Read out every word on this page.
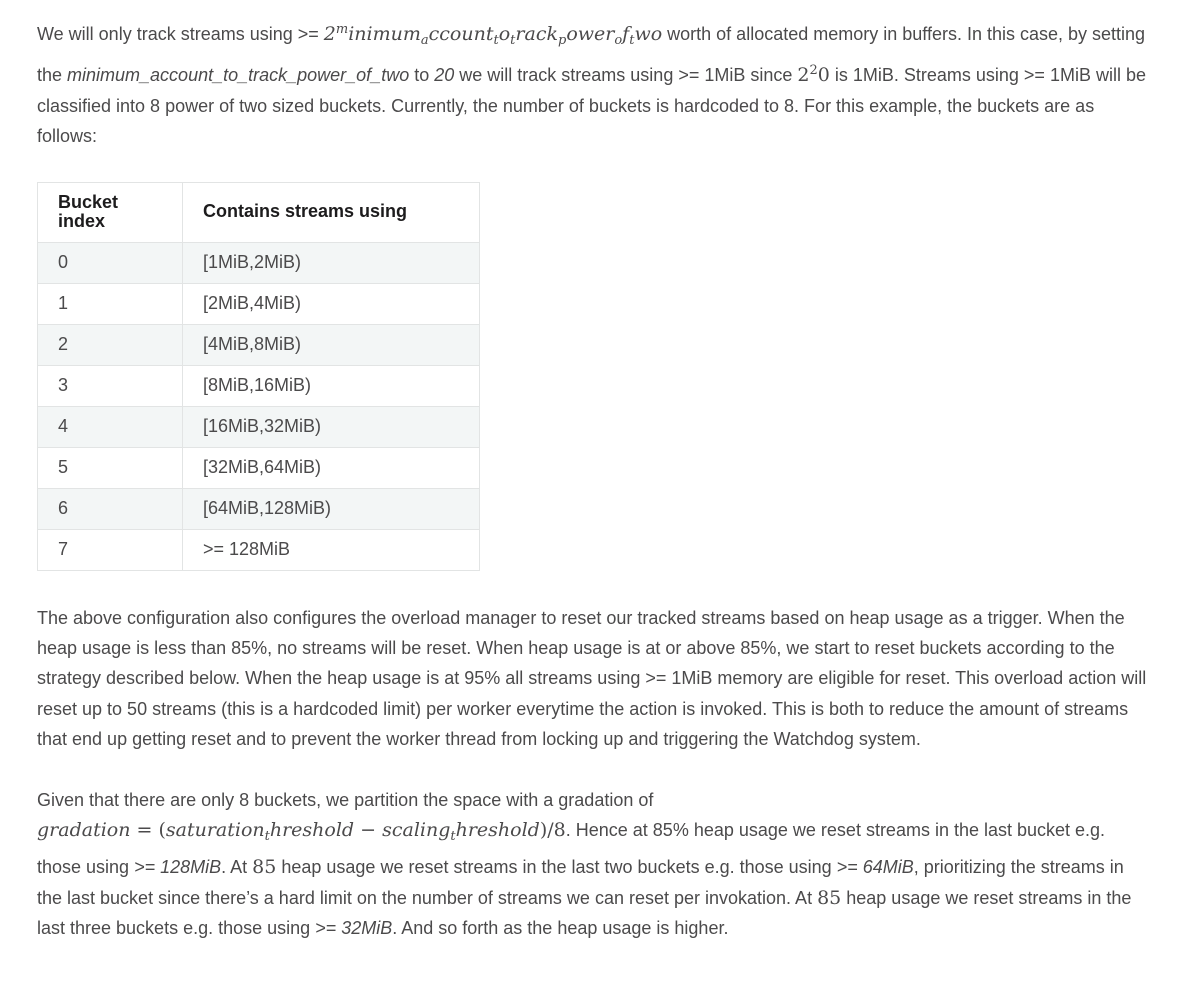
We will only track streams $using >= 2^minimum_account_to_track_power_of_two$ worth of allocated memory in buffers. In this case, by setting the minimum_account_to_track_power_of_two to 20 we will track streams using >= 1MiB since $2^20$ is 1MiB. Streams using >= 1MiB will be classified into 8 power of two sized buckets. Currently, the number of buckets is hardcoded to 8. For this example, the buckets are as follows:

Bucket index	Contains streams using
0	[1MiB,2MiB)
1	[2MiB,4MiB)
2	[4MiB,8MiB)
3	[8MiB,16MiB)
4	[16MiB,32MiB)
5	[32MiB,64MiB)
6	[64MiB,128MiB)
7	>= 128MiB

The above configuration also configures the overload manager to reset our tracked streams based on heap usage as a trigger. When the heap usage is less than 85%, no streams will be reset. When heap usage is at or above 85%, we start to reset buckets according to the strategy described below. When the heap usage is at 95% all streams using >= 1MiB memory are eligible for reset. This overload action will reset up to 50 streams (this is a hardcoded limit) per worker everytime the action is invoked. This is both to reduce the amount of streams that end up getting reset and to prevent the worker thread from locking up and triggering the Watchdog system.

Given that there are only 8 buckets, we partition the space with a gradation of gradation = (saturation$_t$hreshold − scaling$_t$hreshold)/8. Hence at 85% heap usage we reset streams in the last bucket e.g. those using >= 128MiB. At 85 heap usage we reset streams in the last two buckets e.g. those using >= 64MiB, prioritizing the streams in the last bucket since there’s a hard limit on the number of streams we can reset per invokation. At 85 heap usage we reset streams in the last three buckets e.g. those using >= 32MiB. And so forth as the heap usage is higher.
